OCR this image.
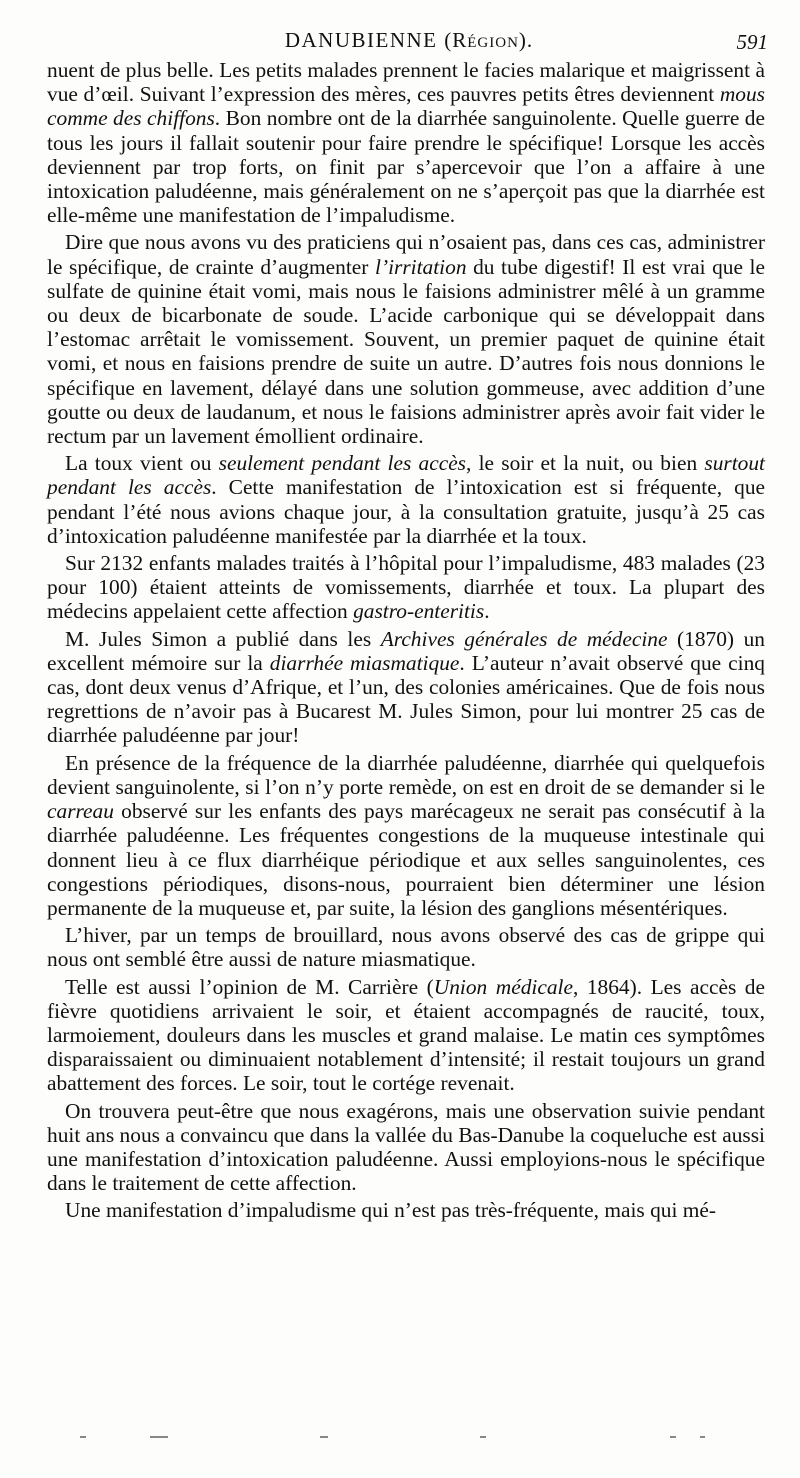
DANUBIENNE (Région).	591

nuent de plus belle. Les petits malades prennent le facies malarique et maigrissent à vue d’œil. Suivant l’expression des mères, ces pauvres petits êtres deviennent mous comme des chiffons. Bon nombre ont de la diarrhée sanguinolente. Quelle guerre de tous les jours il fallait soutenir pour faire prendre le spécifique! Lorsque les accès deviennent par trop forts, on finit par s’apercevoir que l’on a affaire à une intoxication paludéenne, mais généralement on ne s’aperçoit pas que la diarrhée est elle-même une manifestation de l’impaludisme.

Dire que nous avons vu des praticiens qui n’osaient pas, dans ces cas, administrer le spécifique, de crainte d’augmenter l’irritation du tube digestif! Il est vrai que le sulfate de quinine était vomi, mais nous le faisions administrer mêlé à un gramme ou deux de bicarbonate de soude. L’acide carbonique qui se développait dans l’estomac arrêtait le vomissement. Souvent, un premier paquet de quinine était vomi, et nous en faisions prendre de suite un autre. D’autres fois nous donnions le spécifique en lavement, délayé dans une solution gommeuse, avec addition d’une goutte ou deux de laudanum, et nous le faisions administrer après avoir fait vider le rectum par un lavement émollient ordinaire.

La toux vient ou seulement pendant les accès, le soir et la nuit, ou bien surtout pendant les accès. Cette manifestation de l’intoxication est si fréquente, que pendant l’été nous avions chaque jour, à la consultation gratuite, jusqu’à 25 cas d’intoxication paludéenne manifestée par la diarrhée et la toux.

Sur 2132 enfants malades traités à l’hôpital pour l’impaludisme, 483 malades (23 pour 100) étaient atteints de vomissements, diarrhée et toux. La plupart des médecins appelaient cette affection gastro-enteritis.

M. Jules Simon a publié dans les Archives générales de médecine (1870) un excellent mémoire sur la diarrhée miasmatique. L’auteur n’avait observé que cinq cas, dont deux venus d’Afrique, et l’un, des colonies américaines. Que de fois nous regrettions de n’avoir pas à Bucarest M. Jules Simon, pour lui montrer 25 cas de diarrhée paludéenne par jour!

En présence de la fréquence de la diarrhée paludéenne, diarrhée qui quelquefois devient sanguinolente, si l’on n’y porte remède, on est en droit de se demander si le carreau observé sur les enfants des pays marécageux ne serait pas consécutif à la diarrhée paludéenne. Les fréquentes congestions de la muqueuse intestinale qui donnent lieu à ce flux diarrhéique périodique et aux selles sanguinolentes, ces congestions périodiques, disons-nous, pourraient bien déterminer une lésion permanente de la muqueuse et, par suite, la lésion des ganglions mésentériques.

L’hiver, par un temps de brouillard, nous avons observé des cas de grippe qui nous ont semblé être aussi de nature miasmatique.

Telle est aussi l’opinion de M. Carrière (Union médicale, 1864). Les accès de fièvre quotidiens arrivaient le soir, et étaient accompagnés de raucité, toux, larmoiement, douleurs dans les muscles et grand malaise. Le matin ces symptômes disparaissaient ou diminuaient notablement d’intensité; il restait toujours un grand abattement des forces. Le soir, tout le cortége revenait.

On trouvera peut-être que nous exagérons, mais une observation suivie pendant huit ans nous a convaincu que dans la vallée du Bas-Danube la coqueluche est aussi une manifestation d’intoxication paludéenne. Aussi employions-nous le spécifique dans le traitement de cette affection.

Une manifestation d’impaludisme qui n’est pas très-fréquente, mais qui mé-
